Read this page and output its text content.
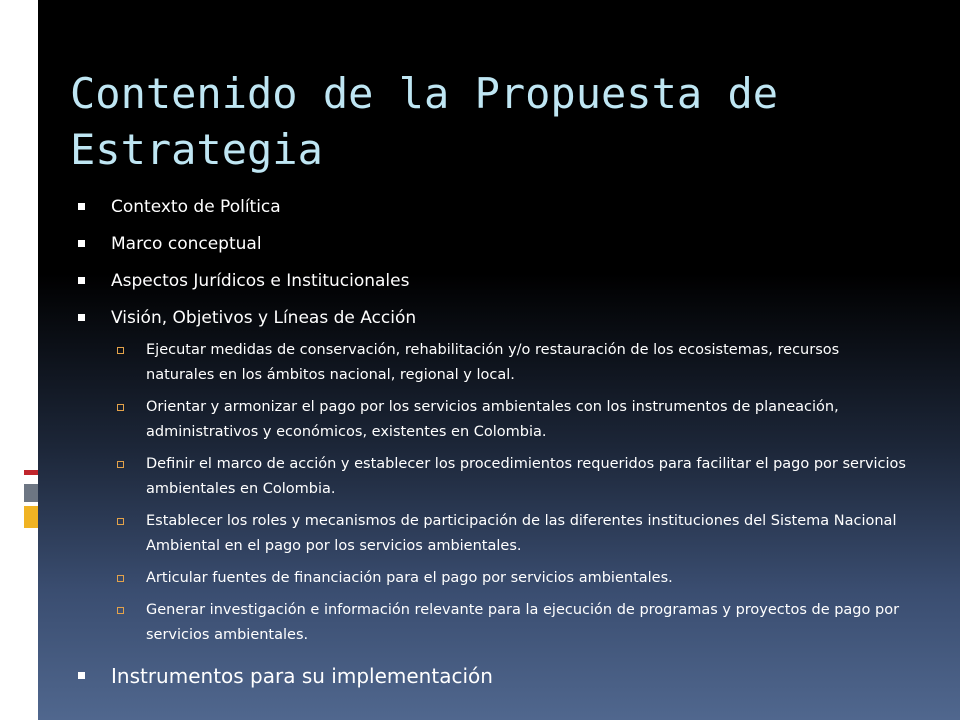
Contenido de la Propuesta de Estrategia
Contexto de Política
Marco conceptual
Aspectos Jurídicos e Institucionales
Visión, Objetivos y Líneas de Acción
Ejecutar medidas de conservación, rehabilitación y/o restauración de los ecosistemas, recursos naturales en los ámbitos nacional, regional y local.
Orientar y armonizar el pago por los servicios ambientales con los instrumentos de planeación, administrativos y económicos, existentes en Colombia.
Definir el marco de acción y establecer los procedimientos requeridos para facilitar el pago por servicios ambientales en Colombia.
Establecer los roles y mecanismos de participación de las diferentes instituciones del Sistema Nacional Ambiental en el pago por los servicios ambientales.
Articular fuentes de financiación para el pago por servicios ambientales.
Generar investigación e información relevante para la ejecución de programas y proyectos de pago por servicios ambientales.
Instrumentos para su implementación
